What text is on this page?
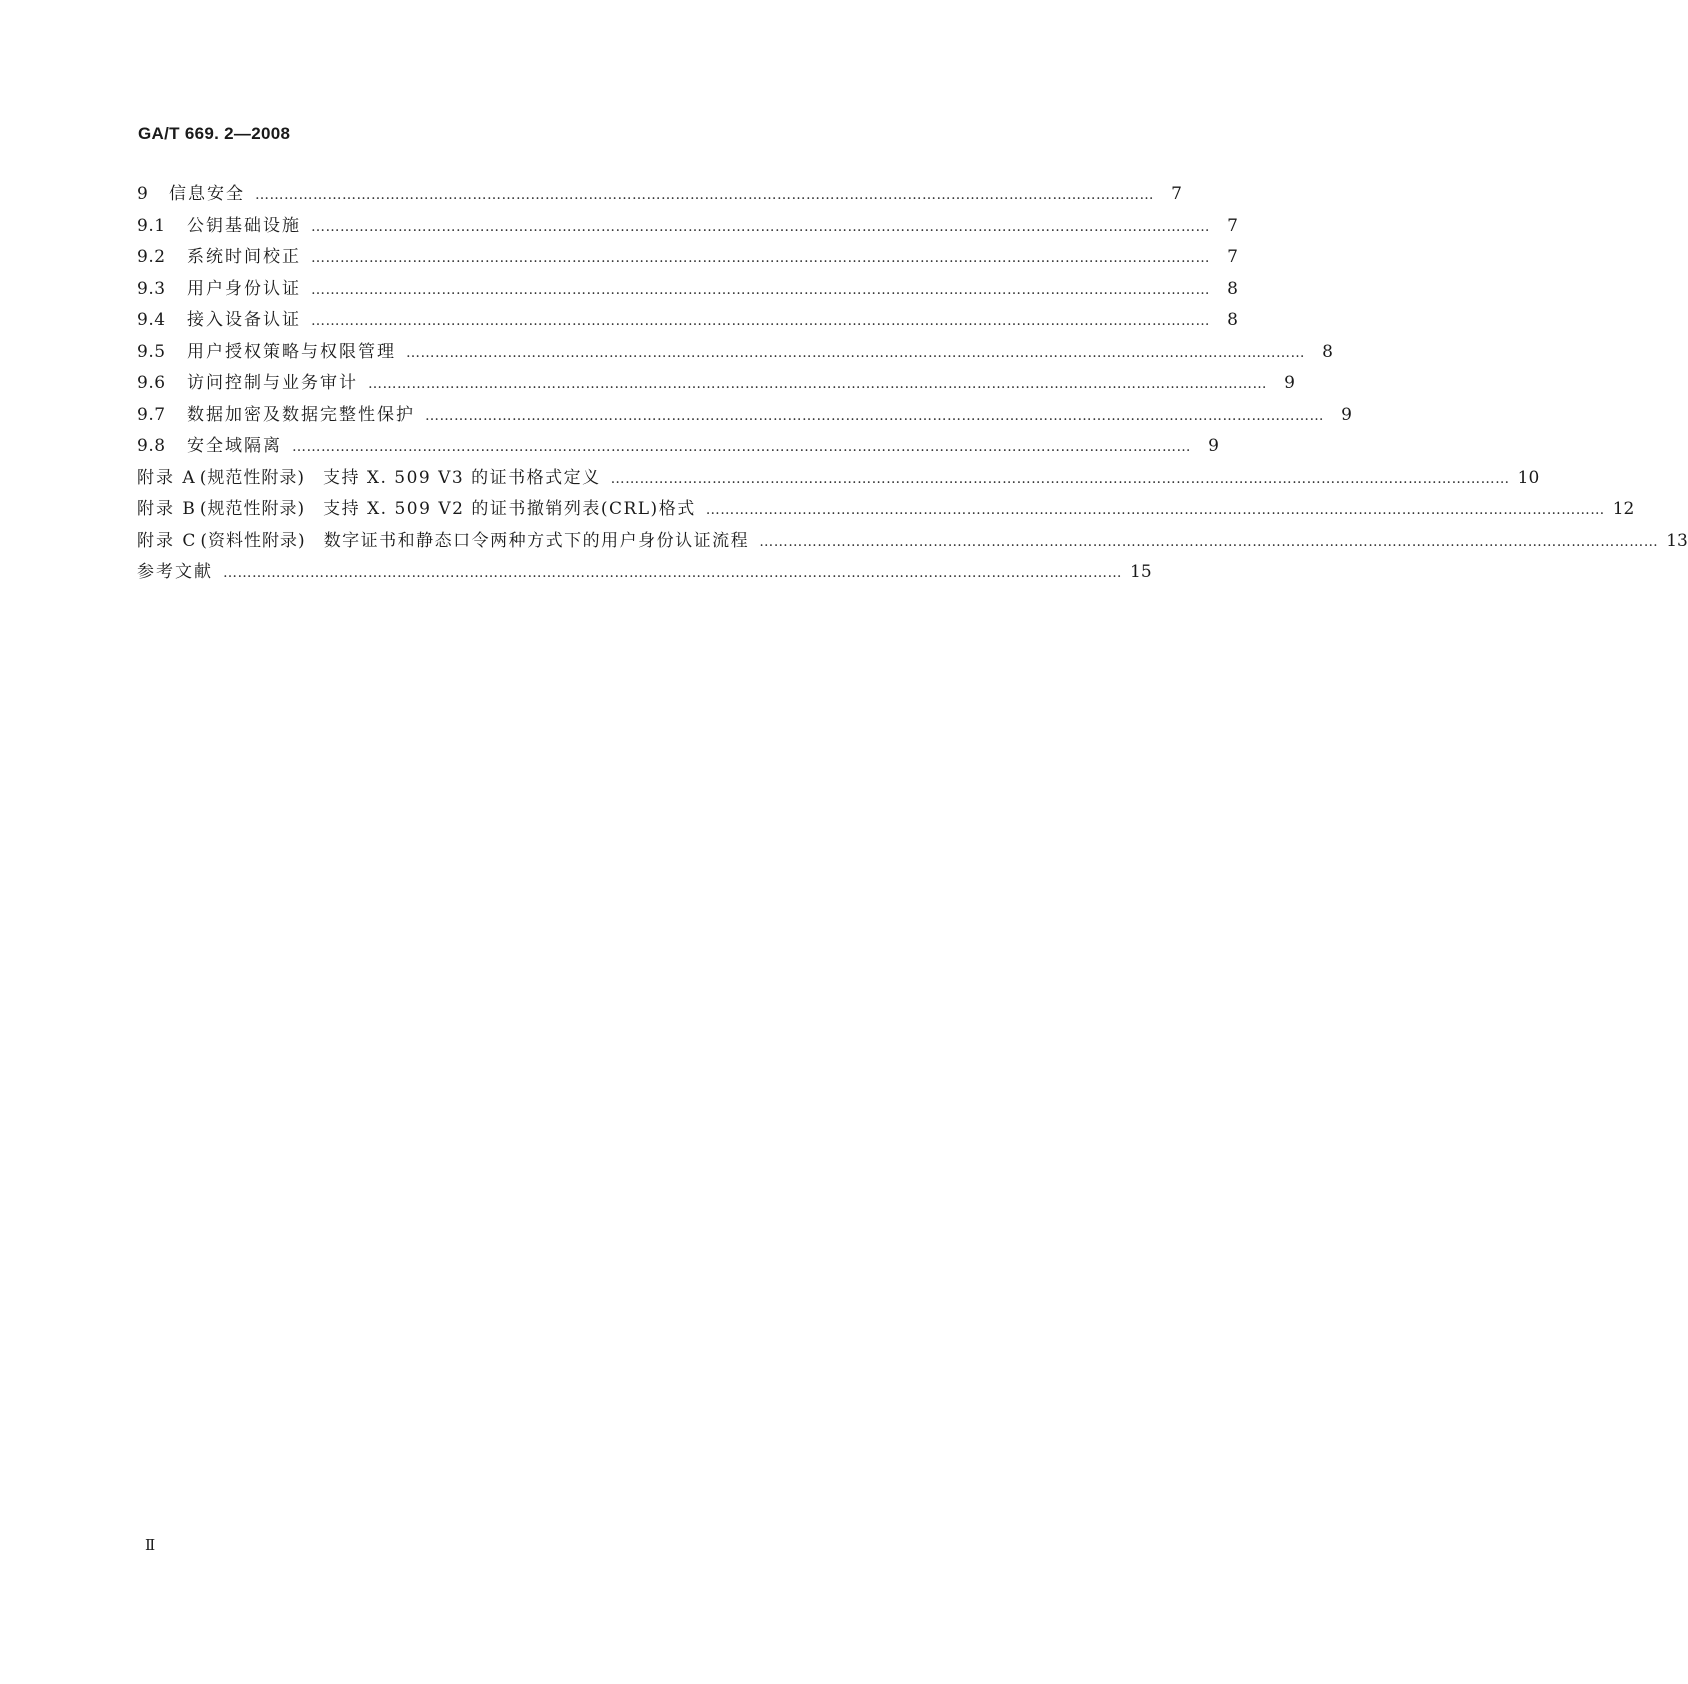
GA/T 669. 2—2008
9	信息安全 ……………………………………………………………………………………………………………………………………………………………………	7
9.1	公钥基础设施 ……………………………………………………………………………………………………………………………………………………………………	7
9.2	系统时间校正 ……………………………………………………………………………………………………………………………………………………………………	7
9.3	用户身份认证 ……………………………………………………………………………………………………………………………………………………………………	8
9.4	接入设备认证 ……………………………………………………………………………………………………………………………………………………………………	8
9.5	用户授权策略与权限管理 ……………………………………………………………………………………………………………………………………………………………………	8
9.6	访问控制与业务审计 ……………………………………………………………………………………………………………………………………………………………………	9
9.7	数据加密及数据完整性保护 ……………………………………………………………………………………………………………………………………………………………………	9
9.8	安全域隔离 ……………………………………………………………………………………………………………………………………………………………………	9
附录 A (规范性附录) 支持 X. 509 V3 的证书格式定义 …………………………………………………………………………………………………………………………………………………………………… 10
附录 B (规范性附录) 支持 X. 509 V2 的证书撤销列表(CRL)格式 …………………………………………………………………………………………………………………………………………………………………… 12
附录 C (资料性附录) 数字证书和静态口令两种方式下的用户身份认证流程 …………………………………………………………………………………………………………………………………………………………………… 13
参考文献 …………………………………………………………………………………………………………………………………………………………………… 15
Ⅱ
